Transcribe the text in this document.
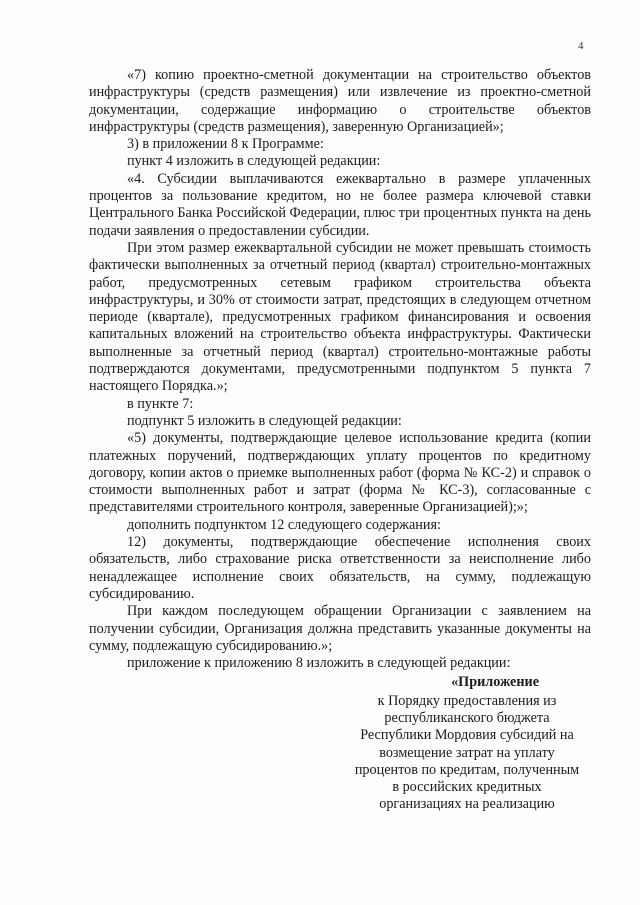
4

«7) копию проектно-сметной документации на строительство объектов инфраструктуры (средств размещения) или извлечение из проектно-сметной документации, содержащие информацию о строительстве объектов инфраструктуры (средств размещения), заверенную Организацией»;

3) в приложении 8 к Программе:

пункт 4 изложить в следующей редакции:

«4. Субсидии выплачиваются ежеквартально в размере уплаченных процентов за пользование кредитом, но не более размера ключевой ставки Центрального Банка Российской Федерации, плюс три процентных пункта на день подачи заявления о предоставлении субсидии.

При этом размер ежеквартальной субсидии не может превышать стоимость фактически выполненных за отчетный период (квартал) строительно-монтажных работ, предусмотренных сетевым графиком строительства объекта инфраструктуры, и 30% от стоимости затрат, предстоящих в следующем отчетном периоде (квартале), предусмотренных графиком финансирования и освоения капитальных вложений на строительство объекта инфраструктуры. Фактически выполненные за отчетный период (квартал) строительно-монтажные работы подтверждаются документами, предусмотренными подпунктом 5 пункта 7 настоящего Порядка.»;

в пункте 7:

подпункт 5 изложить в следующей редакции:

«5) документы, подтверждающие целевое использование кредита (копии платежных поручений, подтверждающих уплату процентов по кредитному договору, копии актов о приемке выполненных работ (форма № КС-2) и справок о стоимости выполненных работ и затрат (форма № КС-3), согласованные с представителями строительного контроля, заверенные Организацией);»;

дополнить подпунктом 12 следующего содержания:

12) документы, подтверждающие обеспечение исполнения своих обязательств, либо страхование риска ответственности за неисполнение либо ненадлежащее исполнение своих обязательств, на сумму, подлежащую субсидированию.

При каждом последующем обращении Организации с заявлением на получении субсидии, Организация должна представить указанные документы на сумму, подлежащую субсидированию.»;

приложение к приложению 8 изложить в следующей редакции:

«Приложение

к Порядку предоставления из
республиканского бюджета
Республики Мордовия субсидий на
возмещение затрат на уплату
процентов по кредитам, полученным
в российских кредитных
организациях на реализацию
